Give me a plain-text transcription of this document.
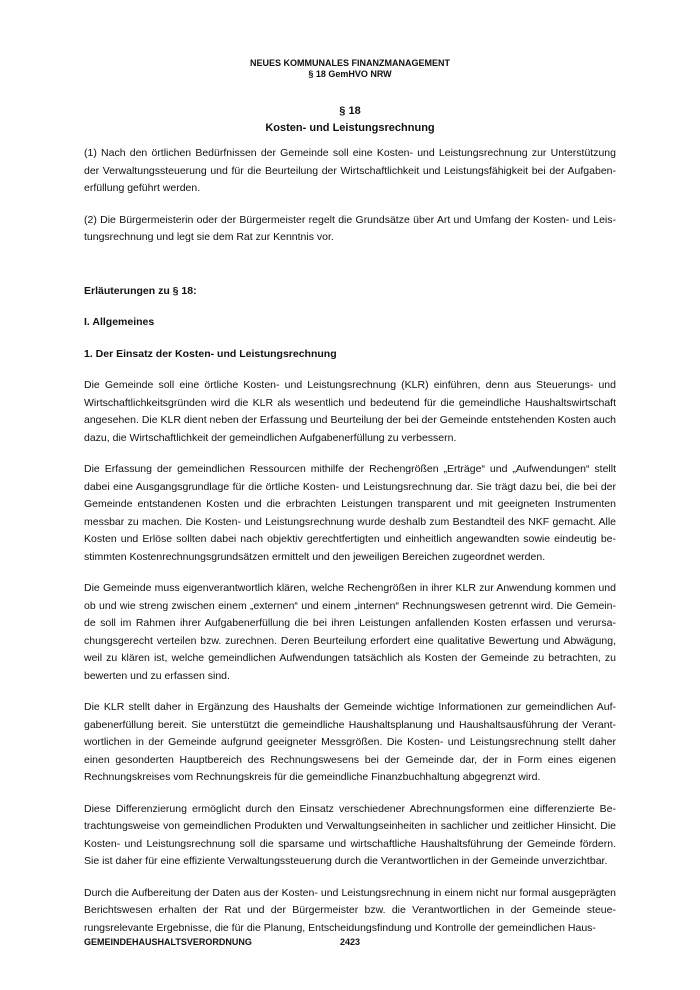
NEUES KOMMUNALES FINANZMANAGEMENT
§ 18 GemHVO NRW
§ 18
Kosten- und Leistungsrechnung

(1) Nach den örtlichen Bedürfnissen der Gemeinde soll eine Kosten- und Leistungsrechnung zur Unterstützung der Verwaltungssteuerung und für die Beurteilung der Wirtschaftlichkeit und Leistungsfähigkeit bei der Aufgabenerfüllung geführt werden.

(2) Die Bürgermeisterin oder der Bürgermeister regelt die Grundsätze über Art und Umfang der Kosten- und Leistungsrechnung und legt sie dem Rat zur Kenntnis vor.

Erläuterungen zu § 18:
I. Allgemeines
1. Der Einsatz der Kosten- und Leistungsrechnung

Die Gemeinde soll eine örtliche Kosten- und Leistungsrechnung (KLR) einführen, denn aus Steuerungs- und Wirtschaftlichkeitsgründen wird die KLR als wesentlich und bedeutend für die gemeindliche Haushaltswirtschaft angesehen. Die KLR dient neben der Erfassung und Beurteilung der bei der Gemeinde entstehenden Kosten auch dazu, die Wirtschaftlichkeit der gemeindlichen Aufgabenerfüllung zu verbessern.

Die Erfassung der gemeindlichen Ressourcen mithilfe der Rechengrößen „Erträge“ und „Aufwendungen“ stellt dabei eine Ausgangsgrundlage für die örtliche Kosten- und Leistungsrechnung dar. Sie trägt dazu bei, die bei der Gemeinde entstandenen Kosten und die erbrachten Leistungen transparent und mit geeigneten Instrumenten messbar zu machen. Die Kosten- und Leistungsrechnung wurde deshalb zum Bestandteil des NKF gemacht. Alle Kosten und Erlöse sollten dabei nach objektiv gerechtfertigten und einheitlich angewandten sowie eindeutig bestimmten Kostenrechnungsgrundsätzen ermittelt und den jeweiligen Bereichen zugeordnet werden.

Die Gemeinde muss eigenverantwortlich klären, welche Rechengrößen in ihrer KLR zur Anwendung kommen und ob und wie streng zwischen einem „externen“ und einem „internen“ Rechnungswesen getrennt wird. Die Gemeinde soll im Rahmen ihrer Aufgabenerfüllung die bei ihren Leistungen anfallenden Kosten erfassen und verursachungsgerecht verteilen bzw. zurechnen. Deren Beurteilung erfordert eine qualitative Bewertung und Abwägung, weil zu klären ist, welche gemeindlichen Aufwendungen tatsächlich als Kosten der Gemeinde zu betrachten, zu bewerten und zu erfassen sind.

Die KLR stellt daher in Ergänzung des Haushalts der Gemeinde wichtige Informationen zur gemeindlichen Aufgabenerfüllung bereit. Sie unterstützt die gemeindliche Haushaltsplanung und Haushaltsausführung der Verantwortlichen in der Gemeinde aufgrund geeigneter Messgrößen. Die Kosten- und Leistungsrechnung stellt daher einen gesonderten Hauptbereich des Rechnungswesens bei der Gemeinde dar, der in Form eines eigenen Rechnungskreises vom Rechnungskreis für die gemeindliche Finanzbuchhaltung abgegrenzt wird.

Diese Differenzierung ermöglicht durch den Einsatz verschiedener Abrechnungsformen eine differenzierte Betrachtungsweise von gemeindlichen Produkten und Verwaltungseinheiten in sachlicher und zeitlicher Hinsicht. Die Kosten- und Leistungsrechnung soll die sparsame und wirtschaftliche Haushaltsführung der Gemeinde fördern. Sie ist daher für eine effiziente Verwaltungssteuerung durch die Verantwortlichen in der Gemeinde unverzichtbar.

Durch die Aufbereitung der Daten aus der Kosten- und Leistungsrechnung in einem nicht nur formal ausgeprägten Berichtswesen erhalten der Rat und der Bürgermeister bzw. die Verantwortlichen in der Gemeinde steuerungsrelevante Ergebnisse, die für die Planung, Entscheidungsfindung und Kontrolle der gemeindlichen Haus-

GEMEINDEHAUSHALTSVERORDNUNG	2423
